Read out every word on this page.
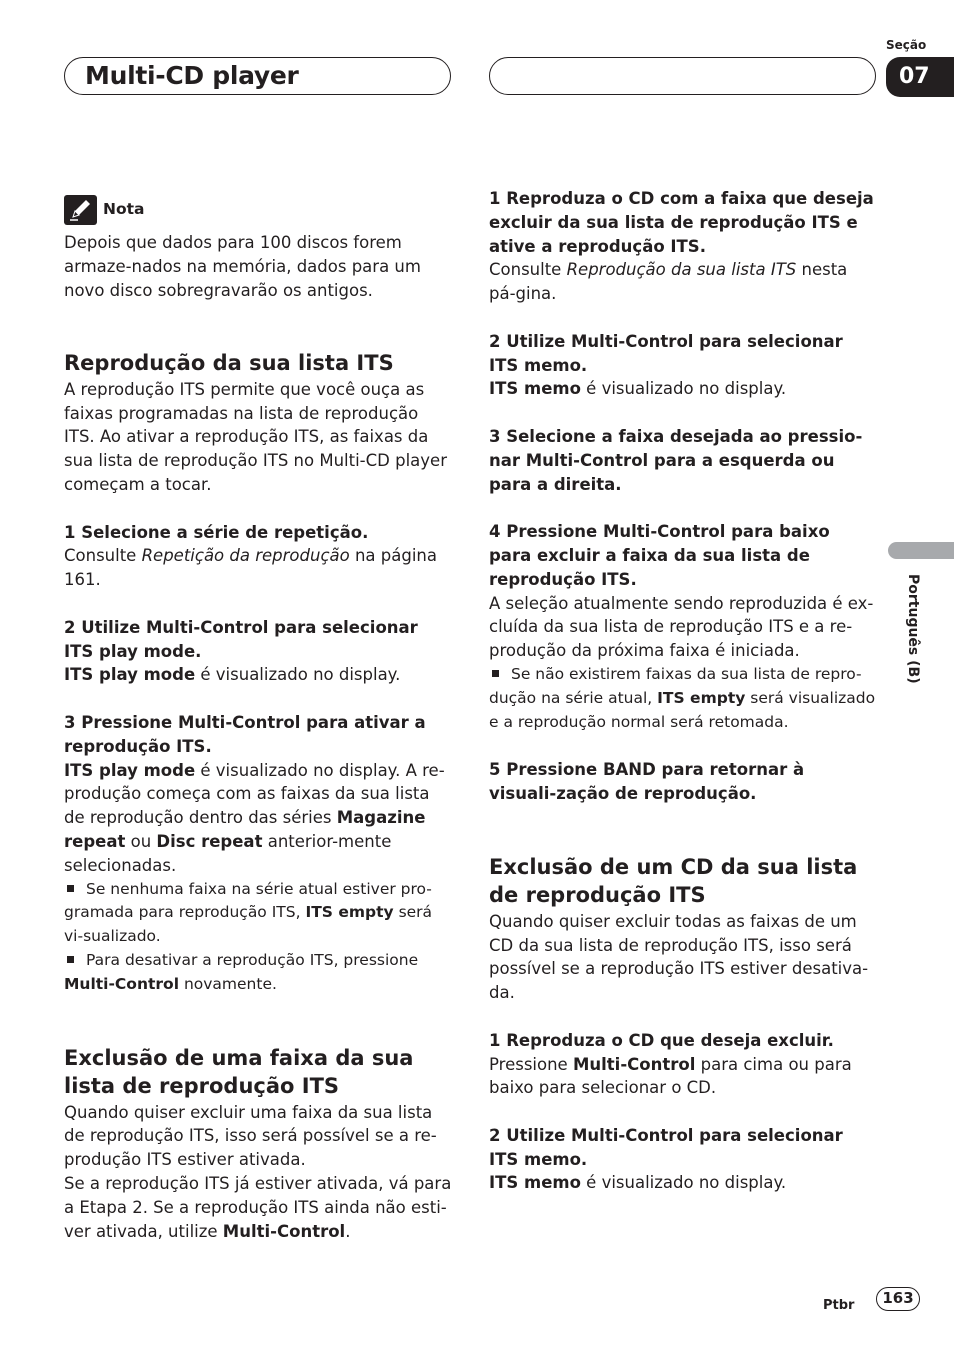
Multi-CD player
Seção
07
Português (B)
Nota

Depois que dados para 100 discos forem armaze-nados na memória, dados para um novo disco sobregravarão os antigos.

Reprodução da sua lista ITS

A reprodução ITS permite que você ouça as faixas programadas na lista de reprodução ITS. Ao ativar a reprodução ITS, as faixas da sua lista de reprodução ITS no Multi-CD player começam a tocar.

1 Selecione a série de repetição.

Consulte Repetição da reprodução na página 161.

2 Utilize Multi-Control para selecionar ITS play mode.

ITS play mode é visualizado no display.

3 Pressione Multi-Control para ativar a reprodução ITS.

ITS play mode é visualizado no display. A re-produção começa com as faixas da sua lista de reprodução dentro das séries Magazine repeat ou Disc repeat anterior-mente selecionadas.

Se nenhuma faixa na série atual estiver pro-gramada para reprodução ITS, ITS empty será vi-sualizado.

Para desativar a reprodução ITS, pressione Multi-Control novamente.

Exclusão de uma faixa da sua lista de reprodução ITS

Quando quiser excluir uma faixa da sua lista de reprodução ITS, isso será possível se a re-produção ITS estiver ativada.

Se a reprodução ITS já estiver ativada, vá para a Etapa 2. Se a reprodução ITS ainda não esti-ver ativada, utilize Multi-Control.

1 Reproduza o CD com a faixa que deseja excluir da sua lista de reprodução ITS e ative a reprodução ITS.

Consulte Reprodução da sua lista ITS nesta pá-gina.

2 Utilize Multi-Control para selecionar ITS memo.

ITS memo é visualizado no display.

3 Selecione a faixa desejada ao pressio-nar Multi-Control para a esquerda ou para a direita.

4 Pressione Multi-Control para baixo para excluir a faixa da sua lista de reprodução ITS.

A seleção atualmente sendo reproduzida é ex-cluída da sua lista de reprodução ITS e a re-produção da próxima faixa é iniciada.

Se não existirem faixas da sua lista de repro-dução na série atual, ITS empty será visualizado e a reprodução normal será retomada.

5 Pressione BAND para retornar à visuali-zação de reprodução.

Exclusão de um CD da sua lista de reprodução ITS

Quando quiser excluir todas as faixas de um CD da sua lista de reprodução ITS, isso será possível se a reprodução ITS estiver desativa-da.

1 Reproduza o CD que deseja excluir.

Pressione Multi-Control para cima ou para baixo para selecionar o CD.

2 Utilize Multi-Control para selecionar ITS memo.

ITS memo é visualizado no display.

Ptbr	163
